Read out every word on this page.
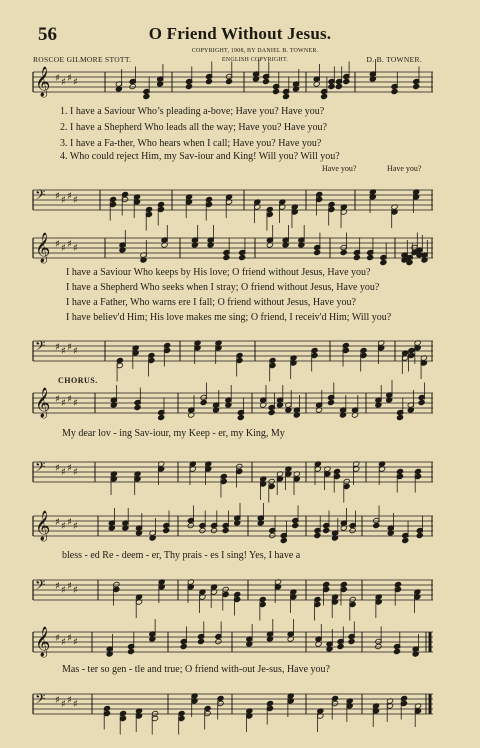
56	O Friend Without Jesus.
ROSCOE GILMORE STOTT.
COPYRIGHT, 1908, BY DANIEL B. TOWNER.
ENGLISH COPYRIGHT.	D. B. TOWNER.
𝄞 ♯ ♯ ♯ ♯
1. I have a Saviour Who’s pleading a-bove; Have you? Have you?
2. I have a Shepherd Who leads all the way; Have you? Have you?
3. I have a Fa-ther, Who hears when I call; Have you? Have you?
4. Who could reject Him, my Sav-iour and King! Will you? Will you?
Have you?	Have you?
𝄢 ♯ ♯ ♯ ♯
𝄞 ♯ ♯ ♯ ♯
I have a Saviour Who keeps by His love; O friend without Jesus, Have you?
I have a Shepherd Who seeks when I stray; O friend without Jesus, Have you?
I have a Father, Who warns ere I fall; O friend without Jesus, Have you?
I have believ'd Him; His love makes me sing; O friend, I receiv'd Him; Will you?
𝄢 ♯ ♯ ♯ ♯
CHORUS.
𝄞 ♯ ♯ ♯ ♯
My dear lov - ing Sav-iour, my Keep - er, my King, My
𝄢 ♯ ♯ ♯ ♯
𝄞 ♯ ♯ ♯ ♯
bless - ed Re - deem - er, Thy prais - es I sing! Yes, I have a
𝄢 ♯ ♯ ♯ ♯
𝄞 ♯ ♯ ♯ ♯
Mas - ter so gen - tle and true; O friend with-out Je-sus, Have you?
𝄢 ♯ ♯ ♯ ♯
